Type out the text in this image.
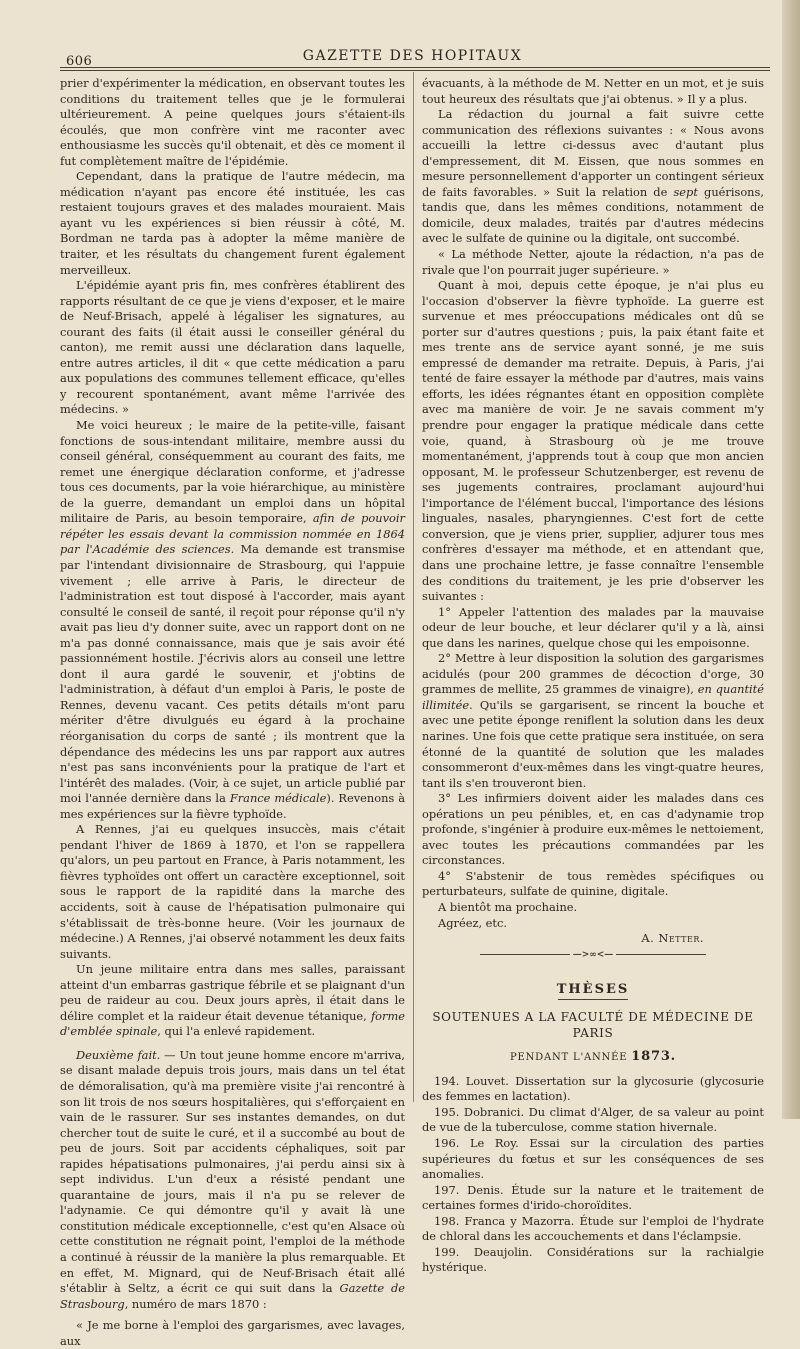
606	GAZETTE DES HOPITAUX

prier d'expérimenter la médication, en observant toutes les conditions du traitement telles que je le formulerai ultérieurement. A peine quelques jours s'étaient-ils écoulés, que mon confrère vint me raconter avec enthousiasme les succès qu'il obtenait, et dès ce moment il fut complètement maître de l'épidémie.

Cependant, dans la pratique de l'autre médecin, ma médication n'ayant pas encore été instituée, les cas restaient toujours graves et des malades mouraient. Mais ayant vu les expériences si bien réussir à côté, M. Bordman ne tarda pas à adopter la même manière de traiter, et les résultats du changement furent également merveilleux.

L'épidémie ayant pris fin, mes confrères établirent des rapports résultant de ce que je viens d'exposer, et le maire de Neuf-Brisach, appelé à légaliser les signatures, au courant des faits (il était aussi le conseiller général du canton), me remit aussi une déclaration dans laquelle, entre autres articles, il dit « que cette médication a paru aux populations des communes tellement efficace, qu'elles y recourent spontanément, avant même l'arrivée des médecins. »

Me voici heureux ; le maire de la petite-ville, faisant fonctions de sous-intendant militaire, membre aussi du conseil général, conséquemment au courant des faits, me remet une énergique déclaration conforme, et j'adresse tous ces documents, par la voie hiérarchique, au ministère de la guerre, demandant un emploi dans un hôpital militaire de Paris, au besoin temporaire, afin de pouvoir répéter les essais devant la commission nommée en 1864 par l'Académie des sciences. Ma demande est transmise par l'intendant divisionnaire de Strasbourg, qui l'appuie vivement ; elle arrive à Paris, le directeur de l'administration est tout disposé à l'accorder, mais ayant consulté le conseil de santé, il reçoit pour réponse qu'il n'y avait pas lieu d'y donner suite, avec un rapport dont on ne m'a pas donné connaissance, mais que je sais avoir été passionnément hostile. J'écrivis alors au conseil une lettre dont il aura gardé le souvenir, et j'obtins de l'administration, à défaut d'un emploi à Paris, le poste de Rennes, devenu vacant. Ces petits détails m'ont paru mériter d'être divulgués eu égard à la prochaine réorganisation du corps de santé ; ils montrent que la dépendance des médecins les uns par rapport aux autres n'est pas sans inconvénients pour la pratique de l'art et l'intérêt des malades. (Voir, à ce sujet, un article publié par moi l'année dernière dans la France médicale). Revenons à mes expériences sur la fièvre typhoïde.

A Rennes, j'ai eu quelques insuccès, mais c'était pendant l'hiver de 1869 à 1870, et l'on se rappellera qu'alors, un peu partout en France, à Paris notamment, les fièvres typhoïdes ont offert un caractère exceptionnel, soit sous le rapport de la rapidité dans la marche des accidents, soit à cause de l'hépatisation pulmonaire qui s'établissait de très-bonne heure. (Voir les journaux de médecine.) A Rennes, j'ai observé notamment les deux faits suivants.

Un jeune militaire entra dans mes salles, paraissant atteint d'un embarras gastrique fébrile et se plaignant d'un peu de raideur au cou. Deux jours après, il était dans le délire complet et la raideur était devenue tétanique, forme d'emblée spinale, qui l'a enlevé rapidement.

Deuxième fait. — Un tout jeune homme encore m'arriva, se disant malade depuis trois jours, mais dans un tel état de démoralisation, qu'à ma première visite j'ai rencontré à son lit trois de nos sœurs hospitalières, qui s'efforçaient en vain de le rassurer. Sur ses instantes demandes, on dut chercher tout de suite le curé, et il a succombé au bout de peu de jours. Soit par accidents céphaliques, soit par rapides hépatisations pulmonaires, j'ai perdu ainsi six à sept individus. L'un d'eux a résisté pendant une quarantaine de jours, mais il n'a pu se relever de l'adynamie. Ce qui démontre qu'il y avait là une constitution médicale exceptionnelle, c'est qu'en Alsace où cette constitution ne régnait point, l'emploi de la méthode a continué à réussir de la manière la plus remarquable. Et en effet, M. Mignard, qui de Neuf-Brisach était allé s'établir à Seltz, a écrit ce qui suit dans la Gazette de Strasbourg, numéro de mars 1870 :

« Je me borne à l'emploi des gargarismes, avec lavages, aux

évacuants, à la méthode de M. Netter en un mot, et je suis tout heureux des résultats que j'ai obtenus. » Il y a plus.

La rédaction du journal a fait suivre cette communication des réflexions suivantes : « Nous avons accueilli la lettre ci-dessus avec d'autant plus d'empressement, dit M. Eissen, que nous sommes en mesure personnellement d'apporter un contingent sérieux de faits favorables. » Suit la relation de sept guérisons, tandis que, dans les mêmes conditions, notamment de domicile, deux malades, traités par d'autres médecins avec le sulfate de quinine ou la digitale, ont succombé.

« La méthode Netter, ajoute la rédaction, n'a pas de rivale que l'on pourrait juger supérieure. »

Quant à moi, depuis cette époque, je n'ai plus eu l'occasion d'observer la fièvre typhoïde. La guerre est survenue et mes préoccupations médicales ont dû se porter sur d'autres questions ; puis, la paix étant faite et mes trente ans de service ayant sonné, je me suis empressé de demander ma retraite. Depuis, à Paris, j'ai tenté de faire essayer la méthode par d'autres, mais vains efforts, les idées régnantes étant en opposition complète avec ma manière de voir. Je ne savais comment m'y prendre pour engager la pratique médicale dans cette voie, quand, à Strasbourg où je me trouve momentanément, j'apprends tout à coup que mon ancien opposant, M. le professeur Schutzenberger, est revenu de ses jugements contraires, proclamant aujourd'hui l'importance de l'élément buccal, l'importance des lésions linguales, nasales, pharyngiennes. C'est fort de cette conversion, que je viens prier, supplier, adjurer tous mes confrères d'essayer ma méthode, et en attendant que, dans une prochaine lettre, je fasse connaître l'ensemble des conditions du traitement, je les prie d'observer les suivantes :

1° Appeler l'attention des malades par la mauvaise odeur de leur bouche, et leur déclarer qu'il y a là, ainsi que dans les narines, quelque chose qui les empoisonne.

2° Mettre à leur disposition la solution des gargarismes acidulés (pour 200 grammes de décoction d'orge, 30 grammes de mellite, 25 grammes de vinaigre), en quantité illimitée. Qu'ils se gargarisent, se rincent la bouche et avec une petite éponge reniflent la solution dans les deux narines. Une fois que cette pratique sera instituée, on sera étonné de la quantité de solution que les malades consommeront d'eux-mêmes dans les vingt-quatre heures, tant ils s'en trouveront bien.

3° Les infirmiers doivent aider les malades dans ces opérations un peu pénibles, et, en cas d'adynamie trop profonde, s'ingénier à produire eux-mêmes le nettoiement, avec toutes les précautions commandées par les circonstances.

4° S'abstenir de tous remèdes spécifiques ou perturbateurs, sulfate de quinine, digitale.

A bientôt ma prochaine.

Agréez, etc.

A. Netter.

—>∞<—
THÈSES
SOUTENUES A LA FACULTÉ DE MÉDECINE DE PARIS
PENDANT L'ANNÉE 1873.

194. Louvet. Dissertation sur la glycosurie (glycosurie des femmes en lactation).

195. Dobranici. Du climat d'Alger, de sa valeur au point de vue de la tuberculose, comme station hivernale.

196. Le Roy. Essai sur la circulation des parties supérieures du fœtus et sur les conséquences de ses anomalies.

197. Denis. Étude sur la nature et le traitement de certaines formes d'irido-choroïdites.

198. Franca y Mazorra. Étude sur l'emploi de l'hydrate de chloral dans les accouchements et dans l'éclampsie.

199. Deaujolin. Considérations sur la rachialgie hystérique.
